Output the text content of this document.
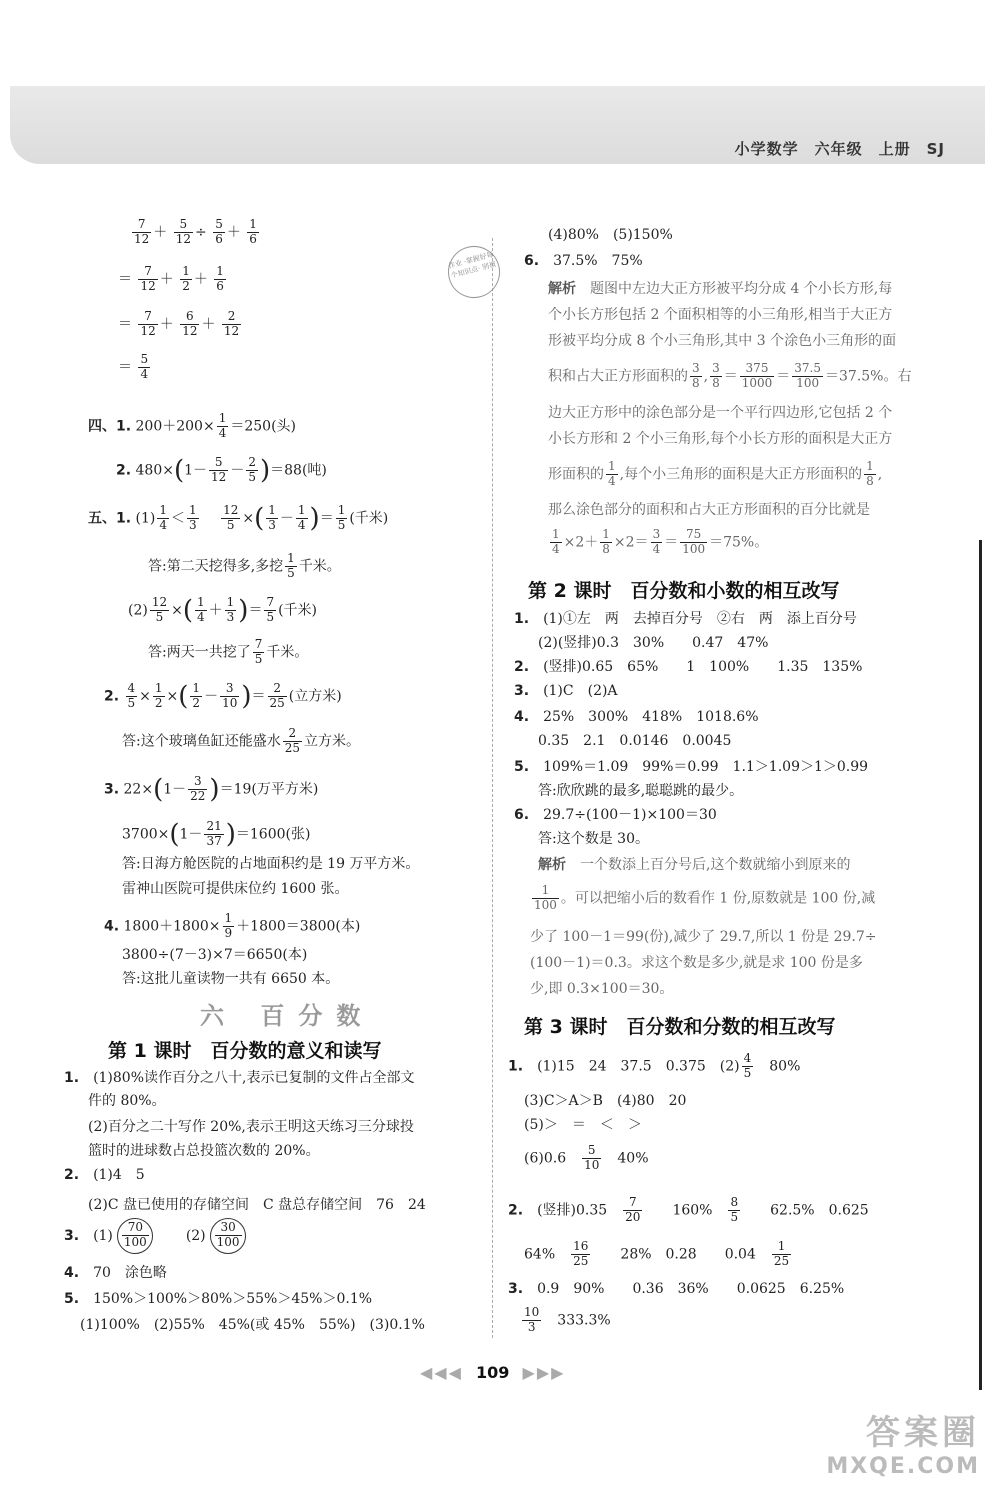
小学数学　六年级　上册　SJ
作业 ·掌握好每个知识点· 别被
$\frac{7}{12} + \frac{5}{12} \div \frac{5}{6} + \frac{1}{6}$
＝ $\frac{7}{12} + \frac{1}{2} + \frac{1}{6}$
＝ $\frac{7}{12} + \frac{6}{12} + \frac{2}{12}$
＝ $\frac{5}{4}$
四、1. $200+200\times \frac{1}{4} =250$(头)
2. $480\times(1- \frac{5}{12} - \frac{2}{5} )=88$(吨)
五、1. $(1) \frac{1}{4} < \frac{1}{3}$
　 $\frac{12}{5}$ ×( $\frac{1}{3} - \frac{1}{4}$ )＝ $\frac{1}{5}$ (千米)
答:第二天挖得多,多挖 $\frac{1}{5}$ 千米。
$(2) \frac{12}{5}$ ×( $\frac{1}{4} + \frac{1}{3}$ )＝ $\frac{7}{5}$ (千米)
答:两天一共挖了 $\frac{7}{5}$ 千米。
2. $\frac{4}{5} \times \frac{1}{2}$ ×( $\frac{1}{2} - \frac{3}{10}$ )＝ $\frac{2}{25}$ (立方米)
答:这个玻璃鱼缸还能盛水 $\frac{2}{25}$ 立方米。
3. $22\times(1- \frac{3}{22} )=19$(万平方米)
$3700\times(1- \frac{21}{37} )=1600$(张)
答:日海方舱医院的占地面积约是 19 万平方米。
雷神山医院可提供床位约 1600 张。
4. $1800+1800\times \frac{1}{9} +1800=3800$(本)
3800÷(7－3)×7＝6650(本)
答:这批儿童读物一共有 6650 本。
六 百分数
第 1 课时　百分数的意义和读写
1.　 (1)80%读作百分之八十,表示已复制的文件占全部文
件的 80%。
(2)百分之二十写作 20%,表示王明这天练习三分球投
篮时的进球数占总投篮次数的 20%。
2.　 (1)4　5
(2)C 盘已使用的存储空间　C 盘总存储空间　76　24
3.　 $(1) \frac{70}{100}$
　　	$(2) \frac{30}{100}$
4.　 70　涂色略
5.　 150%＞100%＞80%＞55%＞45%＞0.1%
(1)100%　(2)55%　45%(或 45%　55%)　(3)0.1%
(4)80%　(5)150%
6.　 37.5%　75%
解析　 题图中左边大正方形被平均分成 4 个小长方形,每
个小长方形包括 2 个面积相等的小三角形,相当于大正方
形被平均分成 8 个小三角形,其中 3 个涂色小三角形的面
积和占大正方形面积的 $\frac{3}{8}$ , $\frac{3}{8} = \frac{375}{1000} = \frac{37.5}{100} =37.5\%$。右
边大正方形中的涂色部分是一个平行四边形,它包括 2 个
小长方形和 2 个小三角形,每个小长方形的面积是大正方
形面积的 $\frac{1}{4}$ ,每个小三角形的面积是大正方形面积的 $\frac{1}{8}$ ,
那么涂色部分的面积和占大正方形面积的百分比就是
$\frac{1}{4} \times 2+ \frac{1}{8} \times 2= \frac{3}{4} = \frac{75}{100} =75\%$。
第 2 课时　百分数和小数的相互改写
1.　 (1)①左　两　去掉百分号　②右　两　添上百分号
(2)(竖排)0.3　30%　　0.47　47%
2.　 (竖排)0.65　65%　　1　100%　　1.35　135%
3.　 (1)C　(2)A
4.　 25%　300%　418%　1018.6%
0.35　2.1　0.0146　0.0045
5.　 109%＝1.09　99%＝0.99　1.1＞1.09＞1＞0.99
答:欣欣跳的最多,聪聪跳的最少。
6.　 29.7÷(100－1)×100＝30
答:这个数是 30。
解析　 一个数添上百分号后,这个数就缩小到原来的
$\frac{1}{100}$ 。可以把缩小后的数看作 1 份,原数就是 100 份,减
少了 100－1＝99(份),减少了 29.7,所以 1 份是 29.7÷
(100－1)＝0.3。求这个数是多少,就是求 100 份是多
少,即 0.3×100＝30。
第 3 课时　百分数和分数的相互改写
1.　 (1)15　24　37.5　0.375　$(2) \frac{4}{5}$
　 80%
(3)C＞A＞B　(4)80　20
(5)＞　＝　＜　＞
(6)0.6　 $\frac{5}{10}$
　 40%
2.　 (竖排)0.35　 $\frac{7}{20}$
　　 160%　 $\frac{8}{5}$
　　 62.5%　0.625
64%　 $\frac{16}{25}$
　　 28%　0.28　　0.04　 $\frac{1}{25}$
3.　 0.9　90%　　0.36　36%　　0.0625　6.25%
$\frac{10}{3}$
　 333.3%
◀◀◀ 109 ▶▶▶
答案圈
MXQE.COM
